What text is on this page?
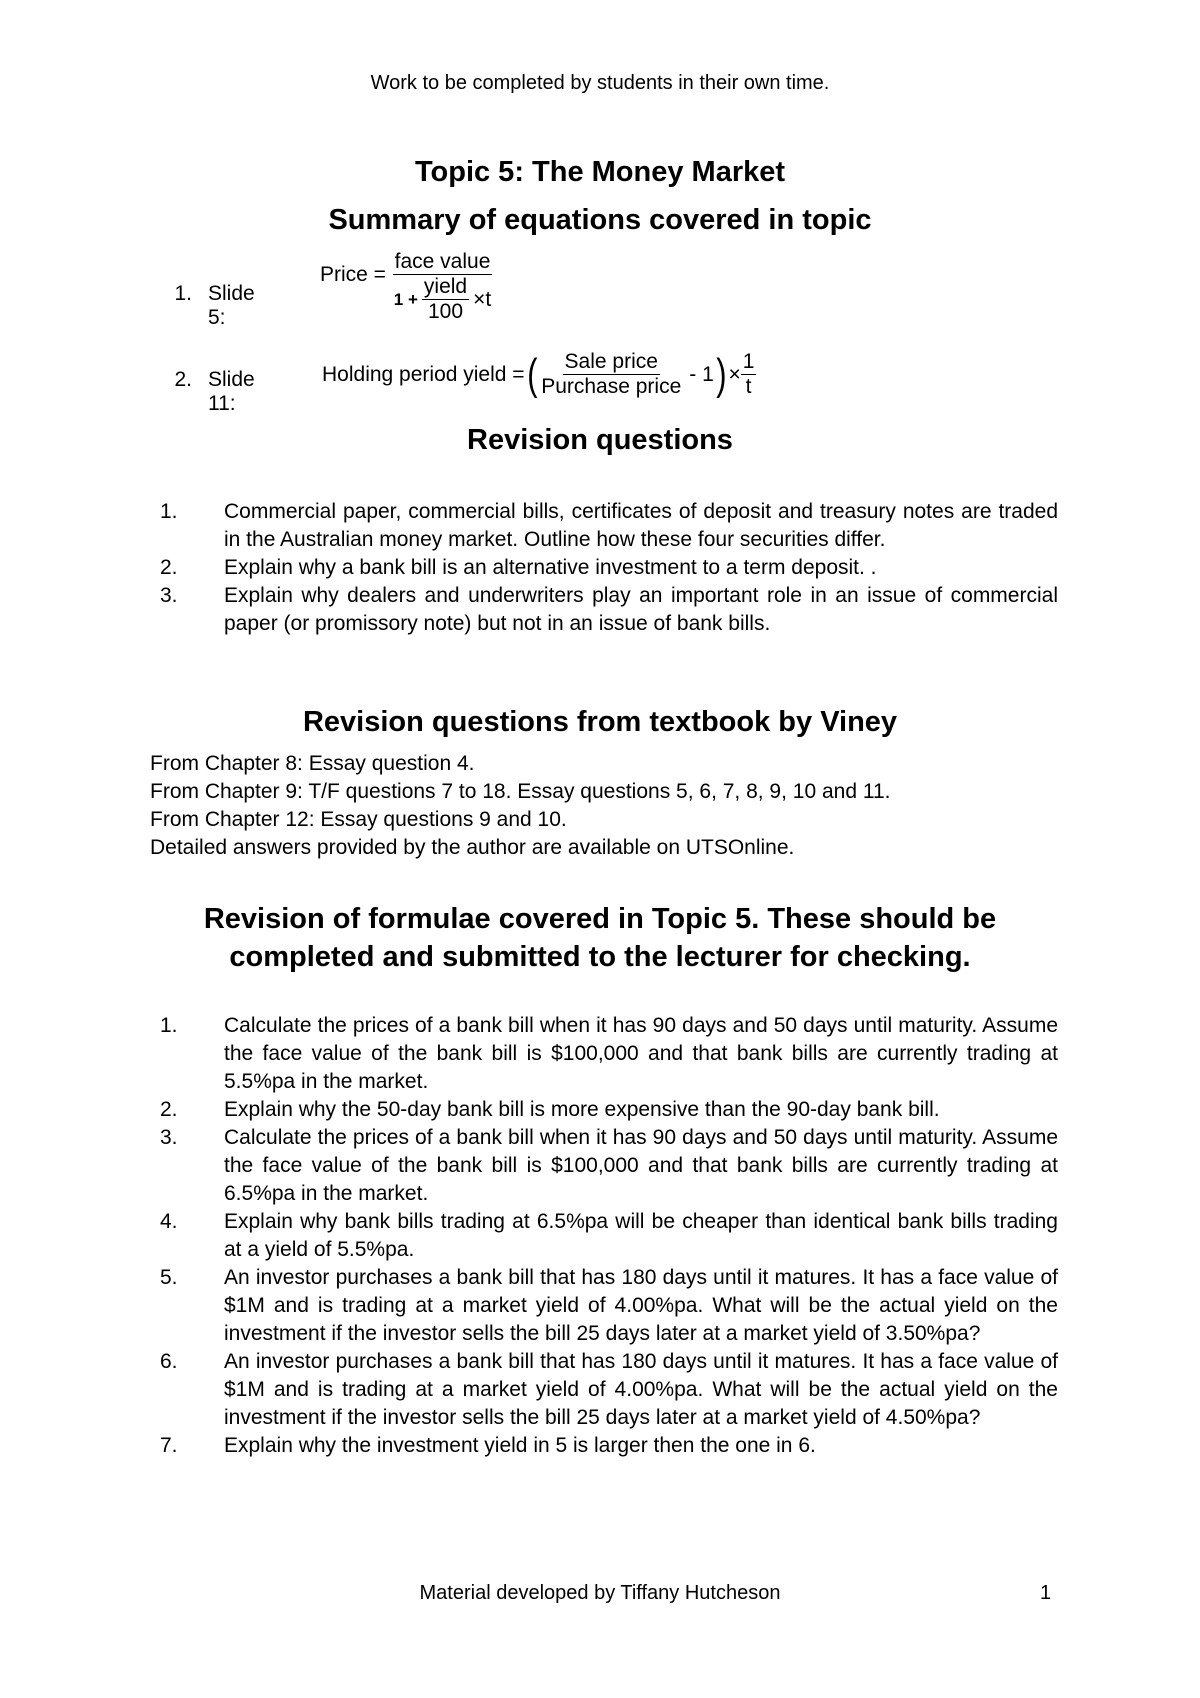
Work to be completed by students in their own time.
Topic 5: The Money Market
Summary of equations covered in topic
1. Slide 5:
Price =
face value
$1 + \frac{\text{yield}}{100} \times t$
2. Slide 11:
Holding period yield = ( $\frac{\text{Sale price}}{\text{Purchase price}} - 1$ ) × $\frac{1}{t}$
Revision questions
1.	Commercial paper, commercial bills, certificates of deposit and treasury notes are traded in the Australian money market. Outline how these four securities differ.
2.	Explain why a bank bill is an alternative investment to a term deposit. .
3.	Explain why dealers and underwriters play an important role in an issue of commercial paper (or promissory note) but not in an issue of bank bills.
Revision questions from textbook by Viney
From Chapter 8: Essay question 4.
From Chapter 9: T/F questions 7 to 18. Essay questions 5, 6, 7, 8, 9, 10 and 11.
From Chapter 12: Essay questions 9 and 10.
Detailed answers provided by the author are available on UTSOnline.
Revision of formulae covered in Topic 5. These should be completed and submitted to the lecturer for checking.
1.	Calculate the prices of a bank bill when it has 90 days and 50 days until maturity. Assume the face value of the bank bill is $100,000 and that bank bills are currently trading at 5.5%pa in the market.
2.	Explain why the 50-day bank bill is more expensive than the 90-day bank bill.
3.	Calculate the prices of a bank bill when it has 90 days and 50 days until maturity. Assume the face value of the bank bill is $100,000 and that bank bills are currently trading at 6.5%pa in the market.
4.	Explain why bank bills trading at 6.5%pa will be cheaper than identical bank bills trading at a yield of 5.5%pa.
5.	An investor purchases a bank bill that has 180 days until it matures. It has a face value of $1M and is trading at a market yield of 4.00%pa. What will be the actual yield on the investment if the investor sells the bill 25 days later at a market yield of 3.50%pa?
6.	An investor purchases a bank bill that has 180 days until it matures. It has a face value of $1M and is trading at a market yield of 4.00%pa. What will be the actual yield on the investment if the investor sells the bill 25 days later at a market yield of 4.50%pa?
7.	Explain why the investment yield in 5 is larger then the one in 6.
Material developed by Tiffany Hutcheson	1
